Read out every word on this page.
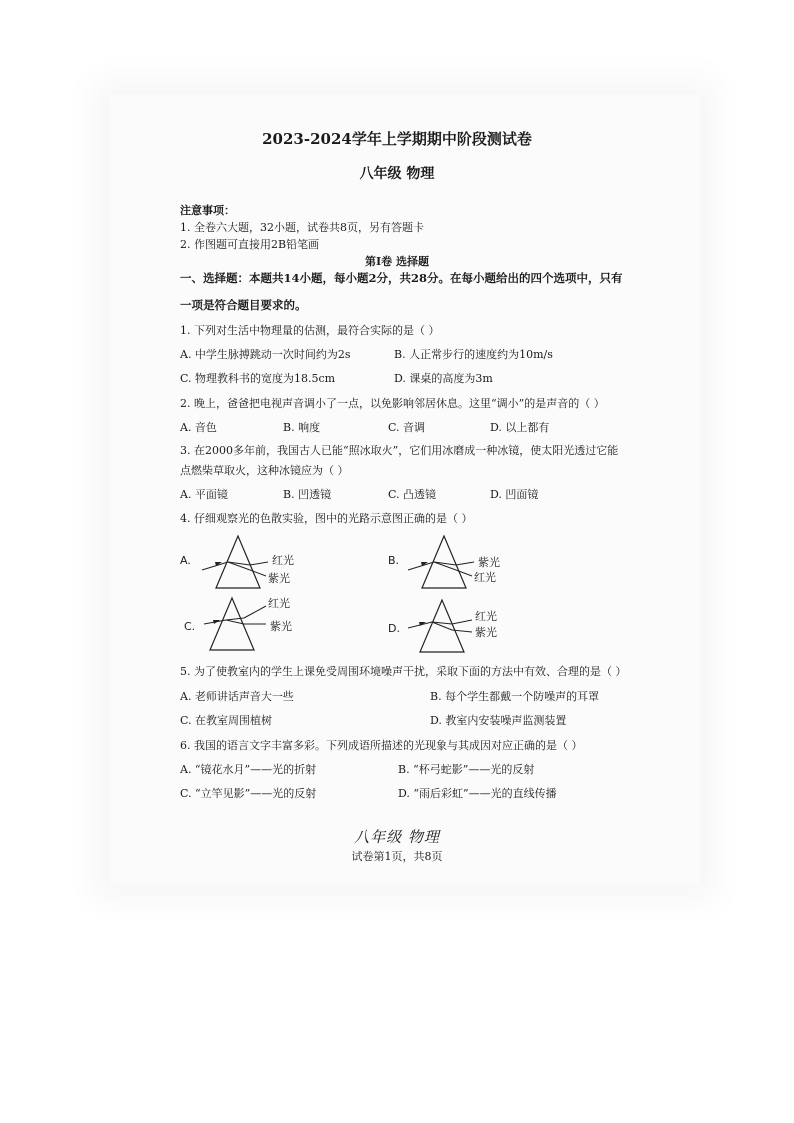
2023-2024学年上学期期中阶段测试卷
八年级 物理
注意事项：
1. 全卷六大题，32小题，试卷共8页，另有答题卡
2. 作图题可直接用2B铅笔画
第Ⅰ卷 选择题
一、选择题：本题共14小题，每小题2分，共28分。在每小题给出的四个选项中，只有
一项是符合题目要求的。
1. 下列对生活中物理量的估测，最符合实际的是（ ）
A. 中学生脉搏跳动一次时间约为2s	B. 人正常步行的速度约为10m/s
C. 物理教科书的宽度为18.5cm	D. 课桌的高度为3m
2. 晚上，爸爸把电视声音调小了一点，以免影响邻居休息。这里“调小”的是声音的（ ）
A. 音色	B. 响度	C. 音调	D. 以上都有
3. 在2000多年前，我国古人已能“照冰取火”，它们用冰磨成一种冰镜，使太阳光透过它能
点燃柴草取火，这种冰镜应为（ ）
A. 平面镜	B. 凹透镜	C. 凸透镜	D. 凹面镜
4. 仔细观察光的色散实验，图中的光路示意图正确的是（ ）
A.	红光
紫光
B.	紫光
红光
C.
红光
紫光	D.
红光
紫光
5. 为了使教室内的学生上课免受周围环境噪声干扰，采取下面的方法中有效、合理的是（ ）
A. 老师讲话声音大一些	B. 每个学生都戴一个防噪声的耳罩
C. 在教室周围植树	D. 教室内安装噪声监测装置
6. 我国的语言文字丰富多彩。下列成语所描述的光现象与其成因对应正确的是（ ）
A. “镜花水月”——光的折射	B. “杯弓蛇影”——光的反射
C. “立竿见影”——光的反射	D. “雨后彩虹”——光的直线传播
八年级 物理
试卷第1页，共8页
